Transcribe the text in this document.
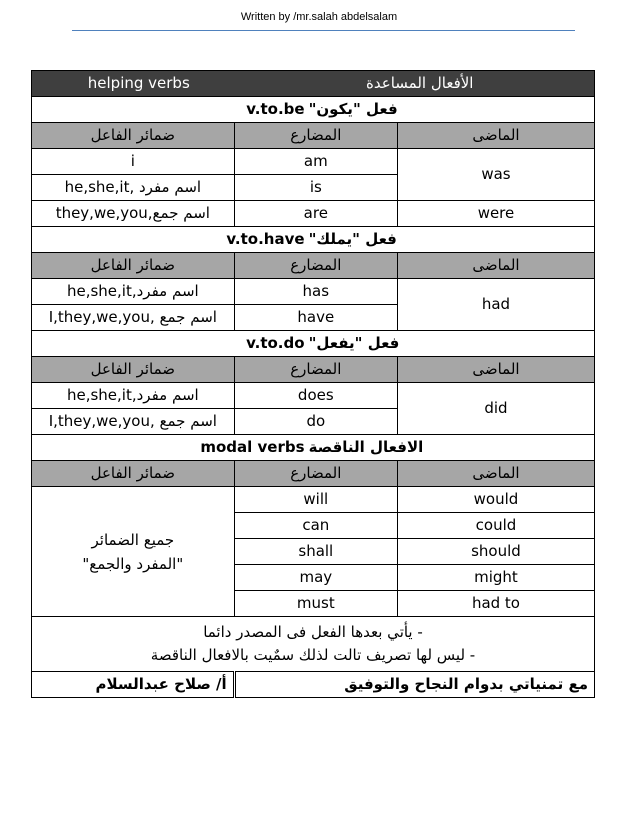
Written by /mr.salah abdelsalam
helping verbs الأفعال المساعدة		

v.to.be فعل "يكون"		

ضمائر الفاعل	المضارع	الماضى
i	am	was
he,she,it, اسم مفرد	is	
they,we,you,اسم جمع	are	were

v.to.have فعل "يملك"		

ضمائر الفاعل	المضارع	الماضى
he,she,it,اسم مفرد	has	had
I,they,we,you, اسم جمع	have	

v.to.do فعل "يفعل"		

ضمائر الفاعل	المضارع	الماضى
he,she,it,اسم مفرد	does	did
I,they,we,you, اسم جمع	do	

modal verbs الافعال الناقصة		

ضمائر الفاعل	المضارع	الماضى

جميع الضمائر
"المفرد والجمع"	will	would
	can	could
	shall	should
	may	might
	must	had to

- يأتي بعدها الفعل فى المصدر دائما
- ليس لها تصريف تالت لذلك سمٌيت بالافعال الناقصة		

أ/ صلاح عبدالسلام	مع تمنياتي بدوام النجاح والتوفيق	
